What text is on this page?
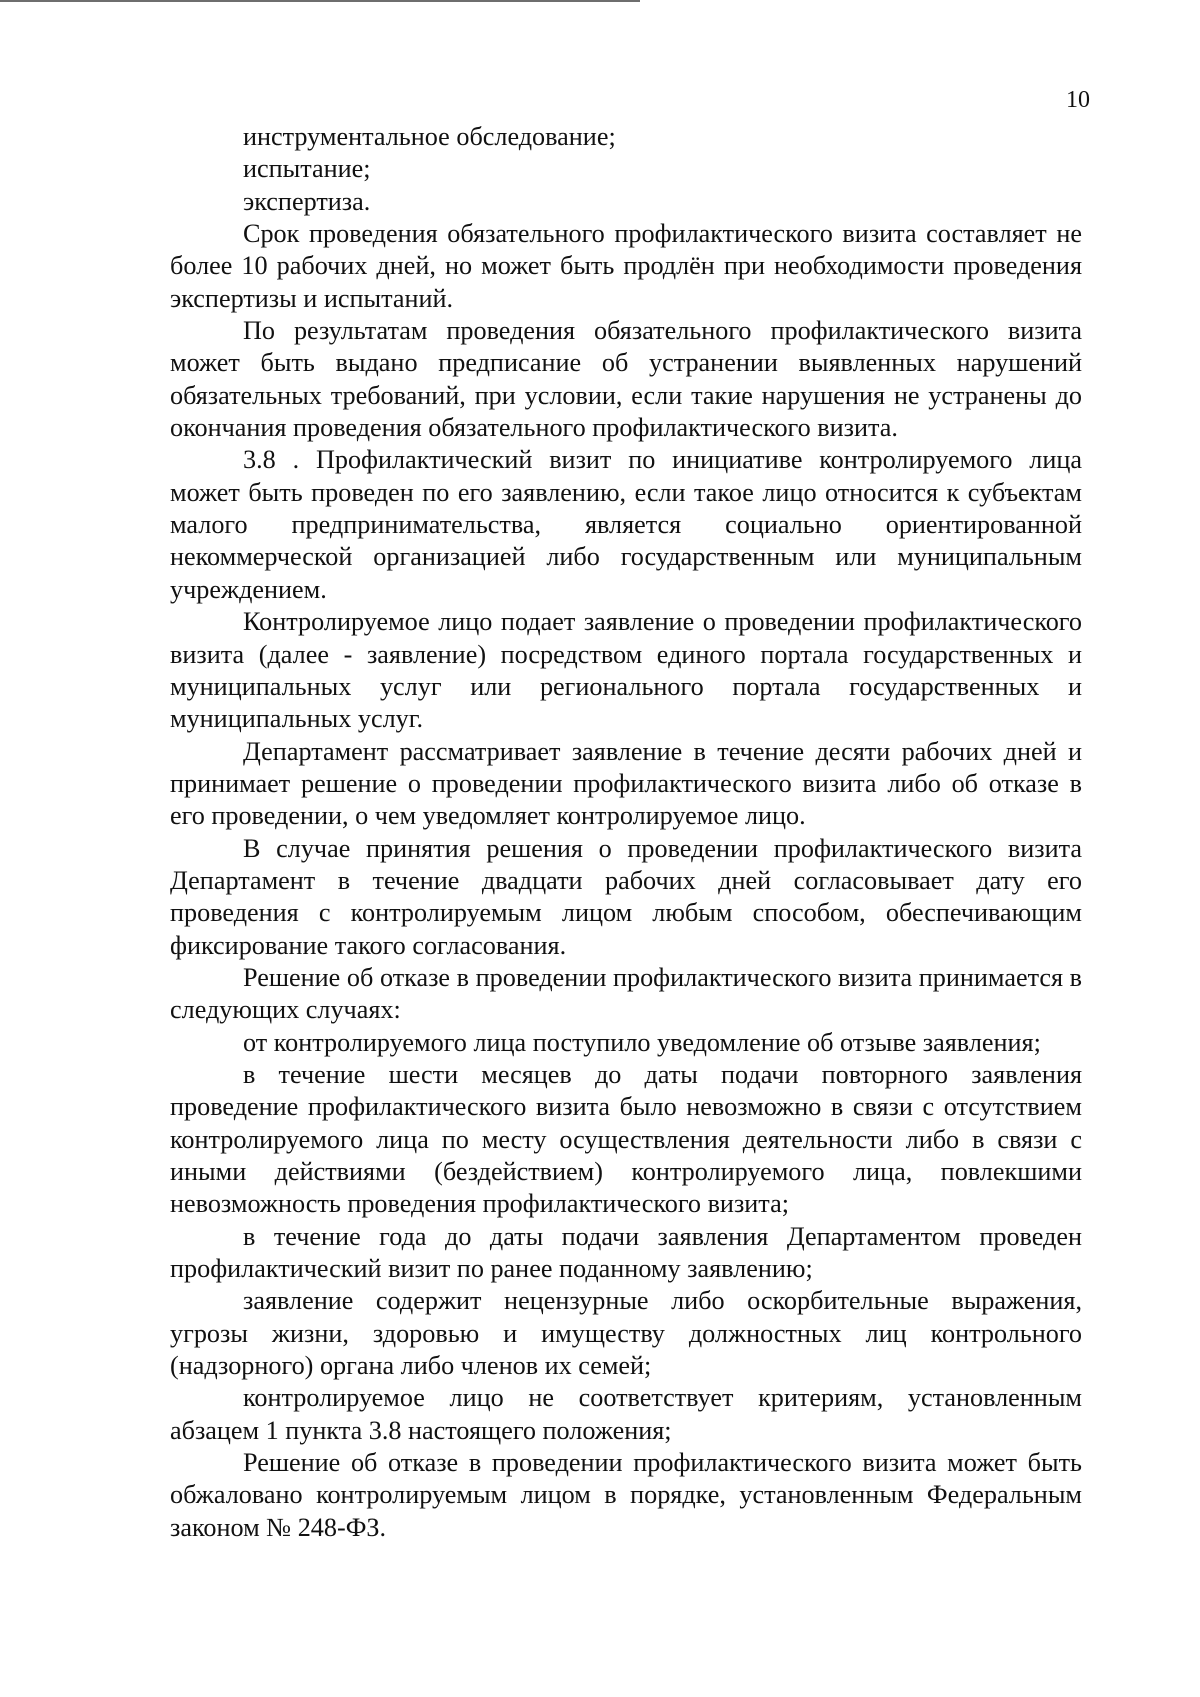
10

инструментальное обследование;

испытание;

экспертиза.

Срок проведения обязательного профилактического визита составляет не более 10 рабочих дней, но может быть продлён при необходимости проведения экспертизы и испытаний.

По результатам проведения обязательного профилактического визита может быть выдано предписание об устранении выявленных нарушений обязательных требований, при условии, если такие нарушения не устранены до окончания проведения обязательного профилактического визита.

3.8 . Профилактический визит по инициативе контролируемого лица может быть проведен по его заявлению, если такое лицо относится к субъектам малого предпринимательства, является социально ориентированной некоммерческой организацией либо государственным или муниципальным учреждением.

Контролируемое лицо подает заявление о проведении профилактического визита (далее - заявление) посредством единого портала государственных и муниципальных услуг или регионального портала государственных и муниципальных услуг.

Департамент рассматривает заявление в течение десяти рабочих дней и принимает решение о проведении профилактического визита либо об отказе в его проведении, о чем уведомляет контролируемое лицо.

В случае принятия решения о проведении профилактического визита Департамент в течение двадцати рабочих дней согласовывает дату его проведения с контролируемым лицом любым способом, обеспечивающим фиксирование такого согласования.

Решение об отказе в проведении профилактического визита принимается в следующих случаях:

от контролируемого лица поступило уведомление об отзыве заявления;

в течение шести месяцев до даты подачи повторного заявления проведение профилактического визита было невозможно в связи с отсутствием контролируемого лица по месту осуществления деятельности либо в связи с иными действиями (бездействием) контролируемого лица, повлекшими невозможность проведения профилактического визита;

в течение года до даты подачи заявления Департаментом проведен профилактический визит по ранее поданному заявлению;

заявление содержит нецензурные либо оскорбительные выражения, угрозы жизни, здоровью и имуществу должностных лиц контрольного (надзорного) органа либо членов их семей;

контролируемое лицо не соответствует критериям, установленным абзацем 1 пункта 3.8 настоящего положения;

Решение об отказе в проведении профилактического визита может быть обжаловано контролируемым лицом в порядке, установленным Федеральным законом № 248-ФЗ.
